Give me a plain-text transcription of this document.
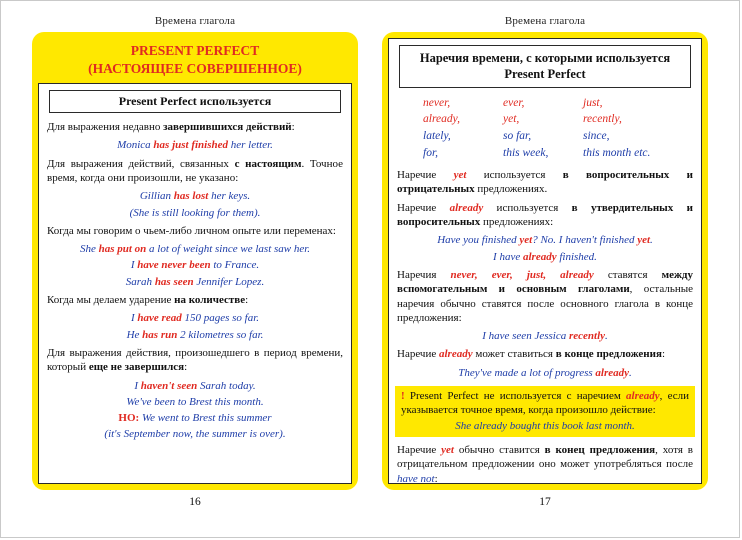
Времена глагола
PRESENT PERFECT
(НАСТОЯЩЕЕ СОВЕРШЕННОЕ)
Present Perfect используется
Для выражения недавно завершившихся действий:
Monica has just finished her letter.
Для выражения действий, связанных с настоящим. Точное время, когда они произошли, не указано:
Gillian has lost her keys.
(She is still looking for them).
Когда мы говорим о чьем-либо личном опыте или переменах:
She has put on a lot of weight since we last saw her.
I have never been to France.
Sarah has seen Jennifer Lopez.
Когда мы делаем ударение на количестве:
I have read 150 pages so far.
He has run 2 kilometres so far.
Для выражения действия, произошедшего в период времени, который еще не завершился:
I haven't seen Sarah today.
We've been to Brest this month.
НО: We went to Brest this summer
(it's September now, the summer is over).
16
Времена глагола
Наречия времени, с которыми используется Present Perfect
never,	ever,	just,
already,	yet,	recently,
lately,	so far,	since,
for,	this week,	this month etc.
Наречие yet используется в вопросительных и отрицательных предложениях.
Наречие already используется в утвердительных и вопросительных предложениях:
Have you finished yet? No. I haven't finished yet.
I have already finished.
Наречия never, ever, just, already ставятся между вспомогательным и основным глаголами, остальные наречия обычно ставятся после основного глагола в конце предложения:
I have seen Jessica recently.
Наречие already может ставиться в конце предложения:
They've made a lot of progress already.
! Present Perfect не используется с наречием already, если указывается точное время, когда произошло действие:
She already bought this book last month.
Наречие yet обычно ставится в конец предложения, хотя в отрицательном предложении оно может употребляться после have not:
17
